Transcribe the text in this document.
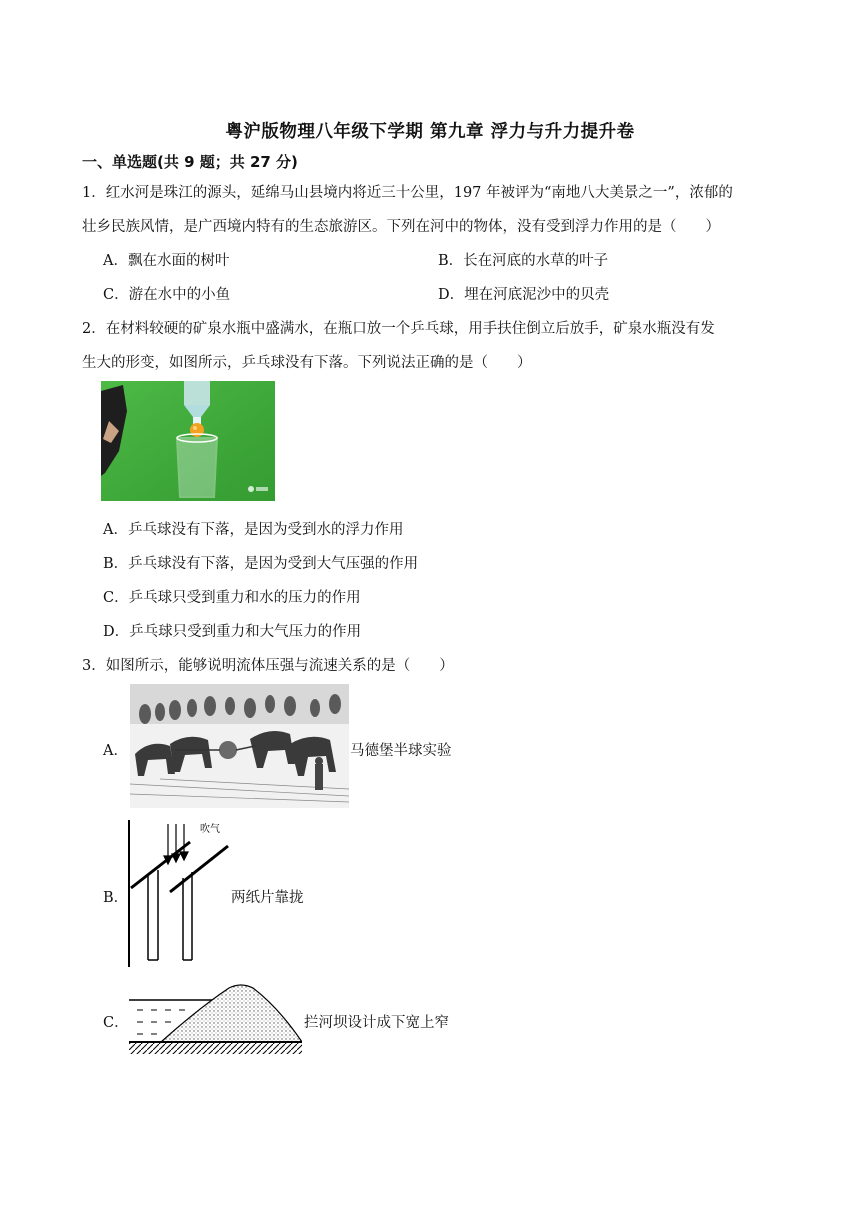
粤沪版物理八年级下学期 第九章 浮力与升力提升卷
一、单选题(共 9 题；共 27 分)
1．红水河是珠江的源头，延绵马山县境内将近三十公里，197 年被评为“南地八大美景之一”，浓郁的
壮乡民族风情，是广西境内特有的生态旅游区。下列在河中的物体，没有受到浮力作用的是（　　）
A．飘在水面的树叶	B．长在河底的水草的叶子
C．游在水中的小鱼	D．埋在河底泥沙中的贝壳
2．在材料较硬的矿泉水瓶中盛满水，在瓶口放一个乒乓球，用手扶住倒立后放手，矿泉水瓶没有发
生大的形变，如图所示，乒乓球没有下落。下列说法正确的是（　　）
A．乒乓球没有下落，是因为受到水的浮力作用
B．乒乓球没有下落，是因为受到大气压强的作用
C．乒乓球只受到重力和水的压力的作用
D．乒乓球只受到重力和大气压力的作用
3．如图所示，能够说明流体压强与流速关系的是（　　）
A．	马德堡半球实验
B．
吹气
两纸片靠拢
C．	拦河坝设计成下宽上窄
